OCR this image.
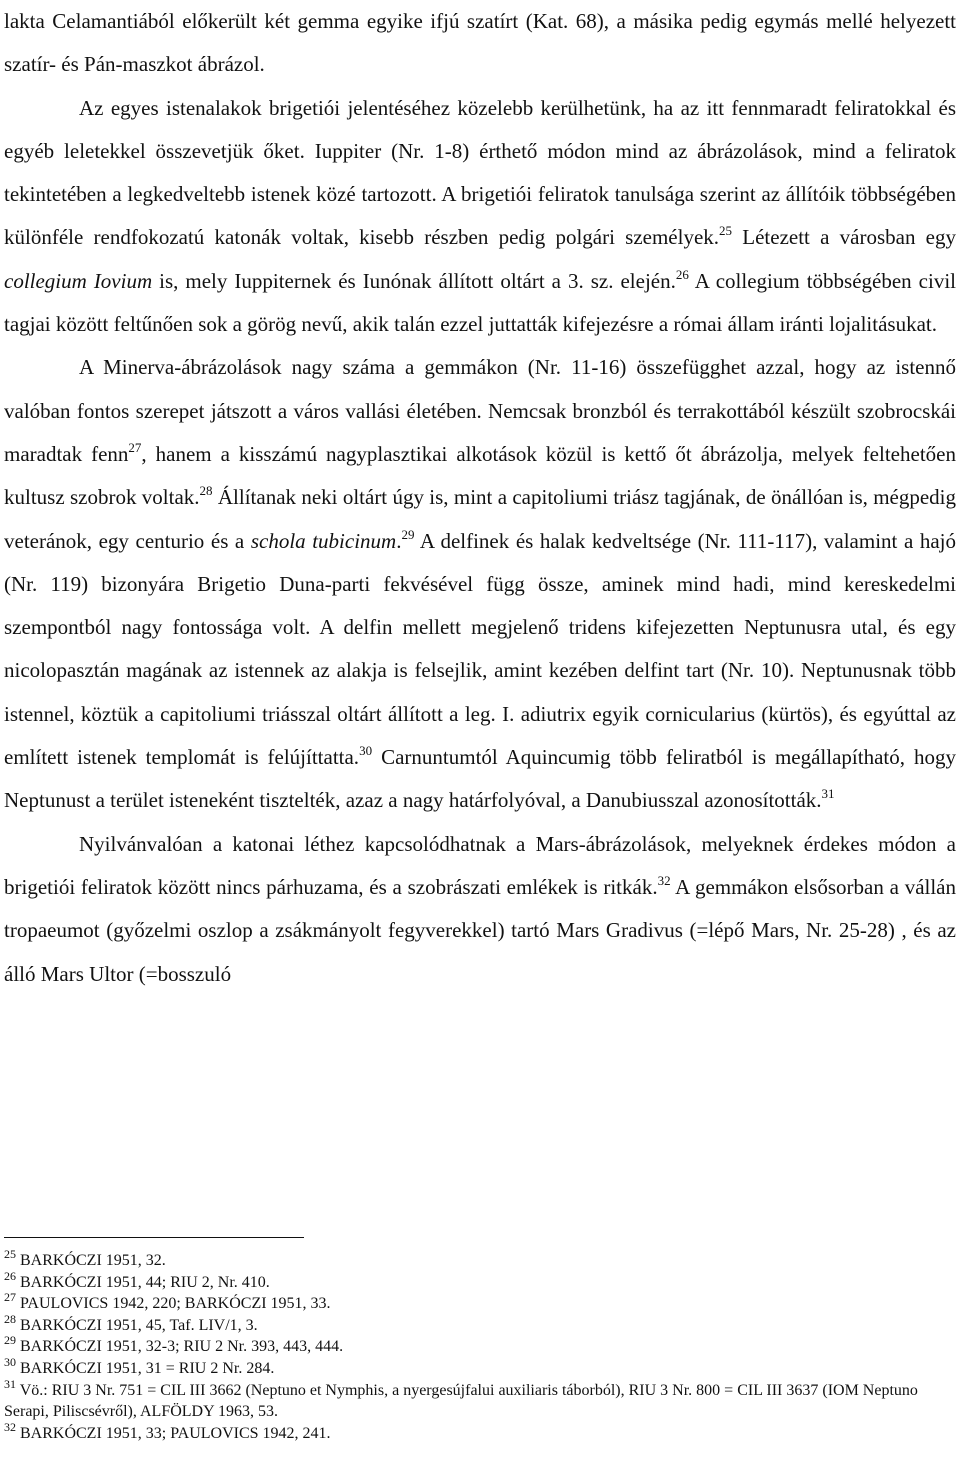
lakta Celamantiából előkerült két gemma egyike ifjú szatírt (Kat. 68), a másika pedig egymás mellé helyezett szatír- és Pán-maszkot ábrázol.

Az egyes istenalakok brigetiói jelentéséhez közelebb kerülhetünk, ha az itt fennmaradt feliratokkal és egyéb leletekkel összevetjük őket. Iuppiter (Nr. 1-8) érthető módon mind az ábrázolások, mind a feliratok tekintetében a legkedveltebb istenek közé tartozott. A brigetiói feliratok tanulsága szerint az állítóik többségében különféle rendfokozatú katonák voltak, kisebb részben pedig polgári személyek.$^{25}$ Létezett a városban egy collegium Iovium is, mely Iuppiternek és Iunónak állított oltárt a 3. sz. elején.$^{26}$ A collegium többségében civil tagjai között feltűnően sok a görög nevű, akik talán ezzel juttatták kifejezésre a római állam iránti lojalitásukat.

A Minerva-ábrázolások nagy száma a gemmákon (Nr. 11-16) összefügghet azzal, hogy az istennő valóban fontos szerepet játszott a város vallási életében. Nemcsak bronzból és terrakottából készült szobrocskái maradtak fenn$^{27}$, hanem a kisszámú nagyplasztikai alkotások közül is kettő őt ábrázolja, melyek feltehetően kultusz szobrok voltak.$^{28}$ Állítanak neki oltárt úgy is, mint a capitoliumi triász tagjának, de önállóan is, mégpedig veteránok, egy centurio és a schola tubicinum.$^{29}$ A delfinek és halak kedveltsége (Nr. 111-117), valamint a hajó (Nr. 119) bizonyára Brigetio Duna-parti fekvésével függ össze, aminek mind hadi, mind kereskedelmi szempontból nagy fontossága volt. A delfin mellett megjelenő tridens kifejezetten Neptunusra utal, és egy nicolopasztán magának az istennek az alakja is felsejlik, amint kezében delfint tart (Nr. 10). Neptunusnak több istennel, köztük a capitoliumi triásszal oltárt állított a leg. I. adiutrix egyik cornicularius (kürtös), és egyúttal az említett istenek templomát is felújíttatta.$^{30}$ Carnuntumtól Aquincumig több feliratból is megállapítható, hogy Neptunust a terület isteneként tisztelték, azaz a nagy határfolyóval, a Danubiusszal azonosították.$^{31}$

Nyilvánvalóan a katonai léthez kapcsolódhatnak a Mars-ábrázolások, melyeknek érdekes módon a brigetiói feliratok között nincs párhuzama, és a szobrászati emlékek is ritkák.$^{32}$ A gemmákon elsősorban a vállán tropaeumot (győzelmi oszlop a zsákmányolt fegyverekkel) tartó Mars Gradivus (=lépő Mars, Nr. 25-28) , és az álló Mars Ultor (=bosszuló

$^{25}$ BARKÓCZI 1951, 32.

$^{26}$ BARKÓCZI 1951, 44; RIU 2, Nr. 410.

$^{27}$ PAULOVICS 1942, 220; BARKÓCZI 1951, 33.

$^{28}$ BARKÓCZI 1951, 45, Taf. LIV/1, 3.

$^{29}$ BARKÓCZI 1951, 32-3; RIU 2 Nr. 393, 443, 444.

$^{30}$ BARKÓCZI 1951, 31 = RIU 2 Nr. 284.

$^{31}$ Vö.: RIU 3 Nr. 751 = CIL III 3662 (Neptuno et Nymphis, a nyergesújfalui auxiliaris táborból), RIU 3 Nr. 800 = CIL III 3637 (IOM Neptuno Serapi, Piliscsévről), ALFÖLDY 1963, 53.

$^{32}$ BARKÓCZI 1951, 33; PAULOVICS 1942, 241.
